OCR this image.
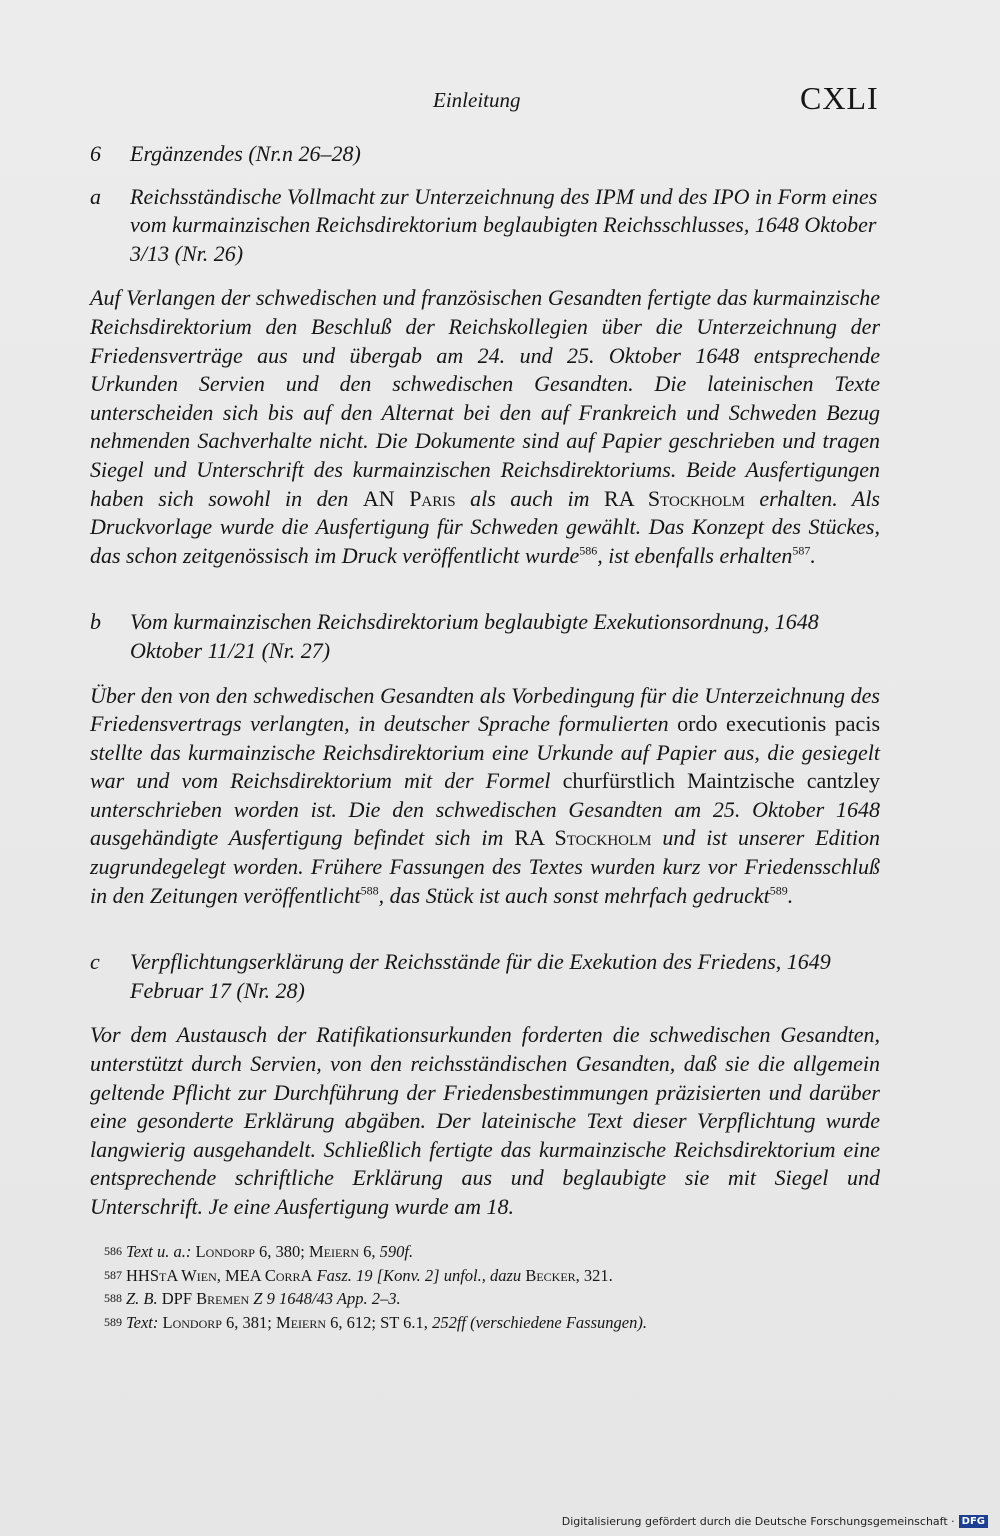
Einleitung	CXLI
6	Ergänzendes (Nr.n 26–28)
a	Reichsständische Vollmacht zur Unterzeichnung des IPM und des IPO in Form eines vom kurmainzischen Reichsdirektorium beglaubigten Reichsschlusses, 1648 Oktober 3/13 (Nr. 26)

Auf Verlangen der schwedischen und französischen Gesandten fertigte das kurmainzische Reichsdirektorium den Beschluß der Reichskollegien über die Unterzeichnung der Friedensverträge aus und übergab am 24. und 25. Oktober 1648 entsprechende Urkunden Servien und den schwedischen Gesandten. Die lateinischen Texte unterscheiden sich bis auf den Alternat bei den auf Frankreich und Schweden Bezug nehmenden Sachverhalte nicht. Die Dokumente sind auf Papier geschrieben und tragen Siegel und Unterschrift des kurmainzischen Reichsdirektoriums. Beide Ausfertigungen haben sich sowohl in den AN Paris als auch im RA Stockholm erhalten. Als Druckvorlage wurde die Ausfertigung für Schweden gewählt. Das Konzept des Stückes, das schon zeitgenössisch im Druck veröffentlicht wurde$^{586}$, ist ebenfalls erhalten$^{587}$.

b	Vom kurmainzischen Reichsdirektorium beglaubigte Exekutionsordnung, 1648 Oktober 11/21 (Nr. 27)

Über den von den schwedischen Gesandten als Vorbedingung für die Unterzeichnung des Friedensvertrags verlangten, in deutscher Sprache formulierten ordo executionis pacis stellte das kurmainzische Reichsdirektorium eine Urkunde auf Papier aus, die gesiegelt war und vom Reichsdirektorium mit der Formel churfürstlich Maintzische cantzley unterschrieben worden ist. Die den schwedischen Gesandten am 25. Oktober 1648 ausgehändigte Ausfertigung befindet sich im RA Stockholm und ist unserer Edition zugrundegelegt worden. Frühere Fassungen des Textes wurden kurz vor Friedensschluß in den Zeitungen veröffentlicht$^{588}$, das Stück ist auch sonst mehrfach gedruckt$^{589}$.

c	Verpflichtungserklärung der Reichsstände für die Exekution des Friedens, 1649 Februar 17 (Nr. 28)

Vor dem Austausch der Ratifikationsurkunden forderten die schwedischen Gesandten, unterstützt durch Servien, von den reichsständischen Gesandten, daß sie die allgemein geltende Pflicht zur Durchführung der Friedensbestimmungen präzisierten und darüber eine gesonderte Erklärung abgäben. Der lateinische Text dieser Verpflichtung wurde langwierig ausgehandelt. Schließlich fertigte das kurmainzische Reichsdirektorium eine entsprechende schriftliche Erklärung aus und beglaubigte sie mit Siegel und Unterschrift. Je eine Ausfertigung wurde am 18.

586 Text u. a.: Londorp 6, 380; Meiern 6, 590f.
587 HHStA Wien, MEA CorrA Fasz. 19 [Konv. 2] unfol., dazu Becker, 321.
588 Z. B. DPF Bremen Z 9 1648/43 App. 2–3.
589 Text: Londorp 6, 381; Meiern 6, 612; ST 6.1, 252ff (verschiedene Fassungen).
Digitalisierung gefördert durch die Deutsche Forschungsgemeinschaft · DFG
